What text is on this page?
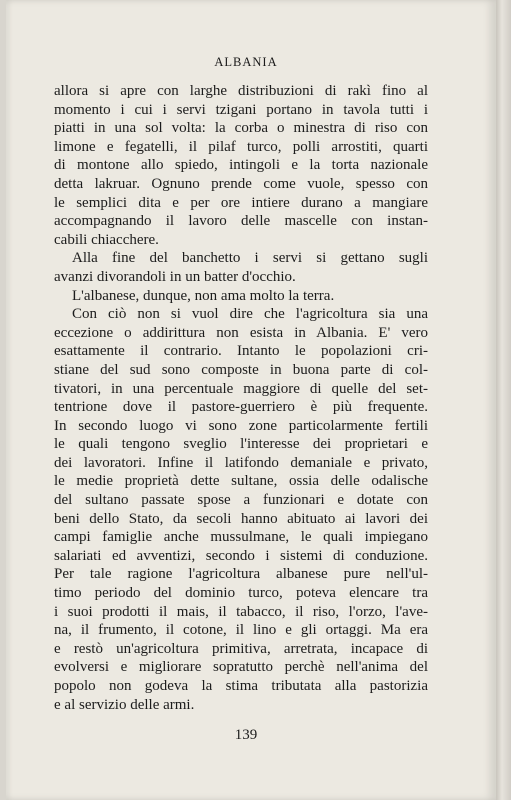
ALBANIA

allora si apre con larghe distribuzioni di rakì fino al
momento i cui i servi tzigani portano in tavola tutti i
piatti in una sol volta: la corba o minestra di riso con
limone e fegatelli, il pilaf turco, polli arrostiti, quarti
di montone allo spiedo, intingoli e la torta nazionale
detta lakruar. Ognuno prende come vuole, spesso con
le semplici dita e per ore intiere durano a mangiare
accompagnando il lavoro delle mascelle con instan-
cabili chiacchere.

Alla fine del banchetto i servi si gettano sugli
avanzi divorandoli in un batter d'occhio.

L'albanese, dunque, non ama molto la terra.

Con ciò non si vuol dire che l'agricoltura sia una
eccezione o addirittura non esista in Albania. E' vero
esattamente il contrario. Intanto le popolazioni cri-
stiane del sud sono composte in buona parte di col-
tivatori, in una percentuale maggiore di quelle del set-
tentrione dove il pastore-guerriero è più frequente.
In secondo luogo vi sono zone particolarmente fertili
le quali tengono sveglio l'interesse dei proprietari e
dei lavoratori. Infine il latifondo demaniale e privato,
le medie proprietà dette sultane, ossia delle odalische
del sultano passate spose a funzionari e dotate con
beni dello Stato, da secoli hanno abituato ai lavori dei
campi famiglie anche mussulmane, le quali impiegano
salariati ed avventizi, secondo i sistemi di conduzione.
Per tale ragione l'agricoltura albanese pure nell'ul-
timo periodo del dominio turco, poteva elencare tra
i suoi prodotti il mais, il tabacco, il riso, l'orzo, l'ave-
na, il frumento, il cotone, il lino e gli ortaggi. Ma era
e restò un'agricoltura primitiva, arretrata, incapace di
evolversi e migliorare sopratutto perchè nell'anima del
popolo non godeva la stima tributata alla pastorizia
e al servizio delle armi.

139
